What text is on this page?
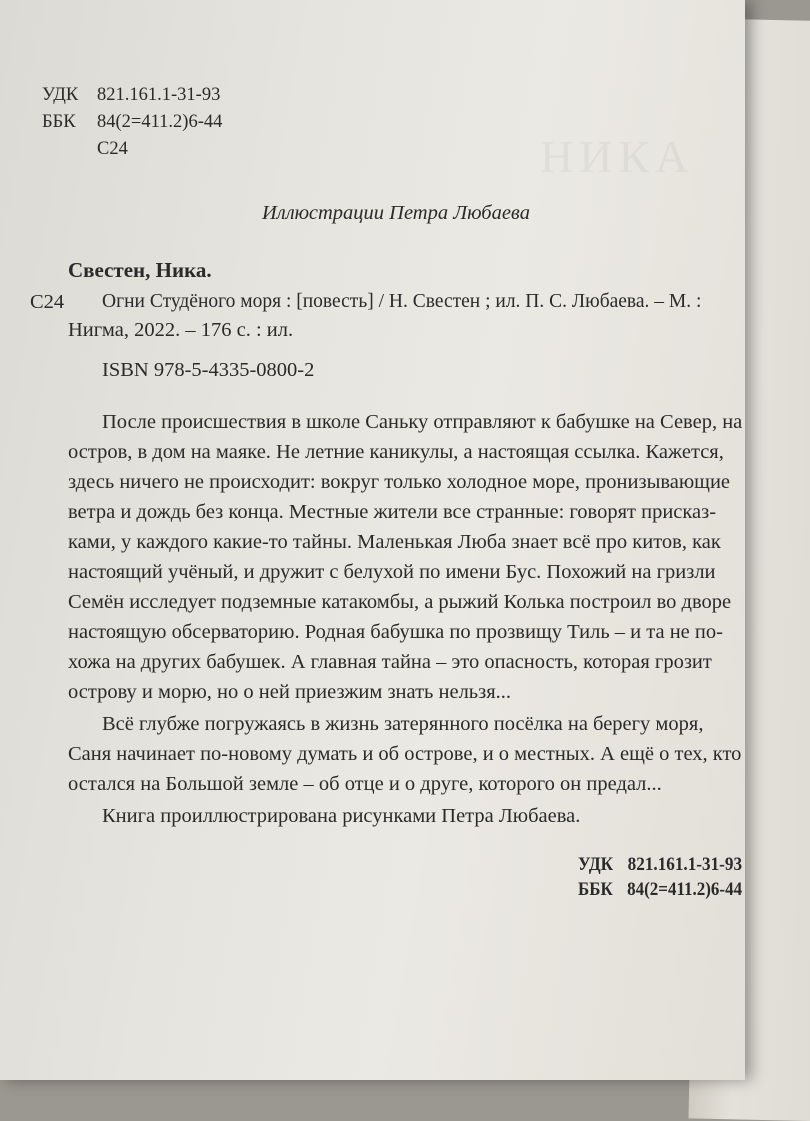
УДК 821.161.1-31-93
ББК 84(2=411.2)6-44
С24
Иллюстрации Петра Любаева
Свестен, Ника.
С24 Огни Студёного моря : [повесть] / Н. Свестен ; ил. П. С. Любаева. – М. :
Нигма, 2022. – 176 с. : ил.
ISBN 978-5-4335-0800-2
После происшествия в школе Саньку отправляют к бабушке на Север, на
остров, в дом на маяке. Не летние каникулы, а настоящая ссылка. Кажется,
здесь ничего не происходит: вокруг только холодное море, пронизывающие
ветра и дождь без конца. Местные жители все странные: говорят присказ-
ками, у каждого какие-то тайны. Маленькая Люба знает всё про китов, как
настоящий учёный, и дружит с белухой по имени Бус. Похожий на гризли
Семён исследует подземные катакомбы, а рыжий Колька построил во дворе
настоящую обсерваторию. Родная бабушка по прозвищу Тиль – и та не по-
хожа на других бабушек. А главная тайна – это опасность, которая грозит
острову и морю, но о ней приезжим знать нельзя...
Всё глубже погружаясь в жизнь затерянного посёлка на берегу моря,
Саня начинает по-новому думать и об острове, и о местных. А ещё о тех, кто
остался на Большой земле – об отце и о друге, которого он предал...
Книга проиллюстрирована рисунками Петра Любаева.
УДК 821.161.1-31-93
ББК 84(2=411.2)6-44
